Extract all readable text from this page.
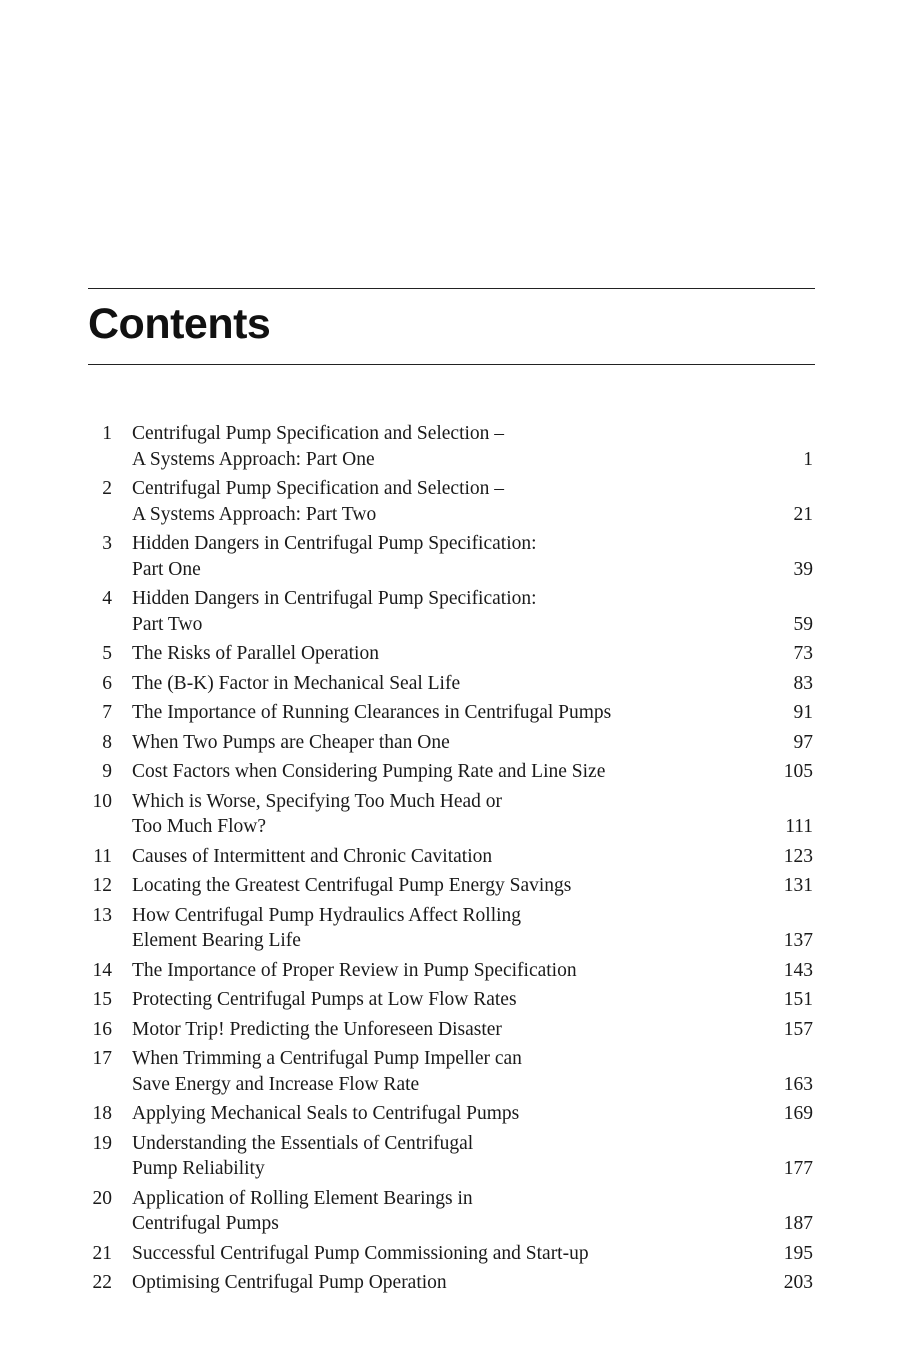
Contents
1 Centrifugal Pump Specification and Selection –
A Systems Approach: Part One	1
2 Centrifugal Pump Specification and Selection –
A Systems Approach: Part Two	21
3 Hidden Dangers in Centrifugal Pump Specification:
Part One	39
4 Hidden Dangers in Centrifugal Pump Specification:
Part Two	59
5 The Risks of Parallel Operation	73
6 The (B-K) Factor in Mechanical Seal Life	83
7 The Importance of Running Clearances in Centrifugal Pumps	91
8 When Two Pumps are Cheaper than One	97
9 Cost Factors when Considering Pumping Rate and Line Size	105
10 Which is Worse, Specifying Too Much Head or
Too Much Flow?	111
11 Causes of Intermittent and Chronic Cavitation	123
12 Locating the Greatest Centrifugal Pump Energy Savings	131
13 How Centrifugal Pump Hydraulics Affect Rolling
Element Bearing Life	137
14 The Importance of Proper Review in Pump Specification	143
15 Protecting Centrifugal Pumps at Low Flow Rates	151
16 Motor Trip! Predicting the Unforeseen Disaster	157
17 When Trimming a Centrifugal Pump Impeller can
Save Energy and Increase Flow Rate	163
18 Applying Mechanical Seals to Centrifugal Pumps	169
19 Understanding the Essentials of Centrifugal
Pump Reliability	177
20 Application of Rolling Element Bearings in
Centrifugal Pumps	187
21 Successful Centrifugal Pump Commissioning and Start-up	195
22 Optimising Centrifugal Pump Operation	203
